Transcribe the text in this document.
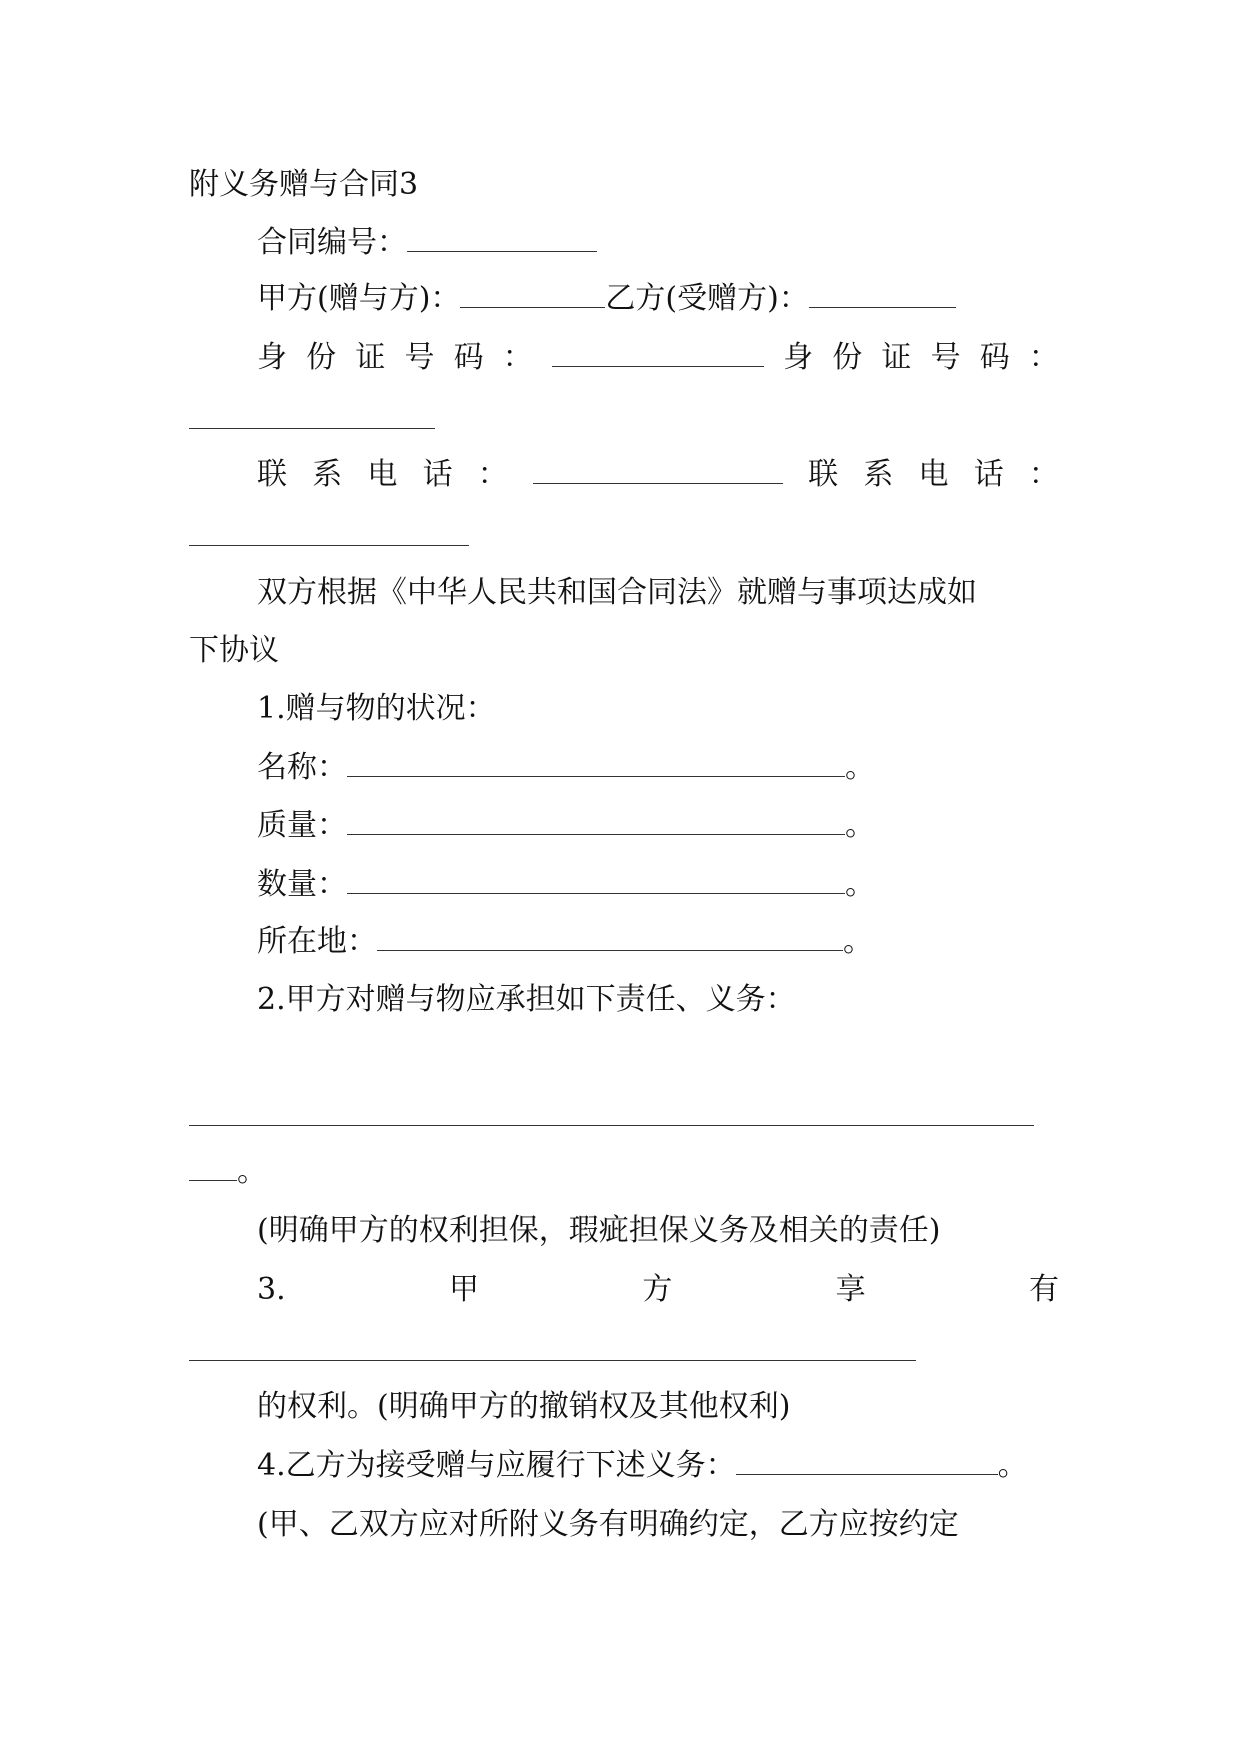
附义务赠与合同3
合同编号：
甲方(赠与方)：	乙方(受赠方)：
身 份 证 号 码 ：	身 份 证 号 码 ：
联 系 电 话 ：	联 系 电 话 ：
双方根据《中华人民共和国合同法》就赠与事项达成如
下协议
1.赠与物的状况：
名称：	。
质量：	。
数量：	。
所在地：	。
2.甲方对赠与物应承担如下责任、义务：
。
(明确甲方的权利担保，瑕疵担保义务及相关的责任)
3.	甲	方	享	有
的权利。(明确甲方的撤销权及其他权利)
4.乙方为接受赠与应履行下述义务：	。
(甲、乙双方应对所附义务有明确约定，乙方应按约定
